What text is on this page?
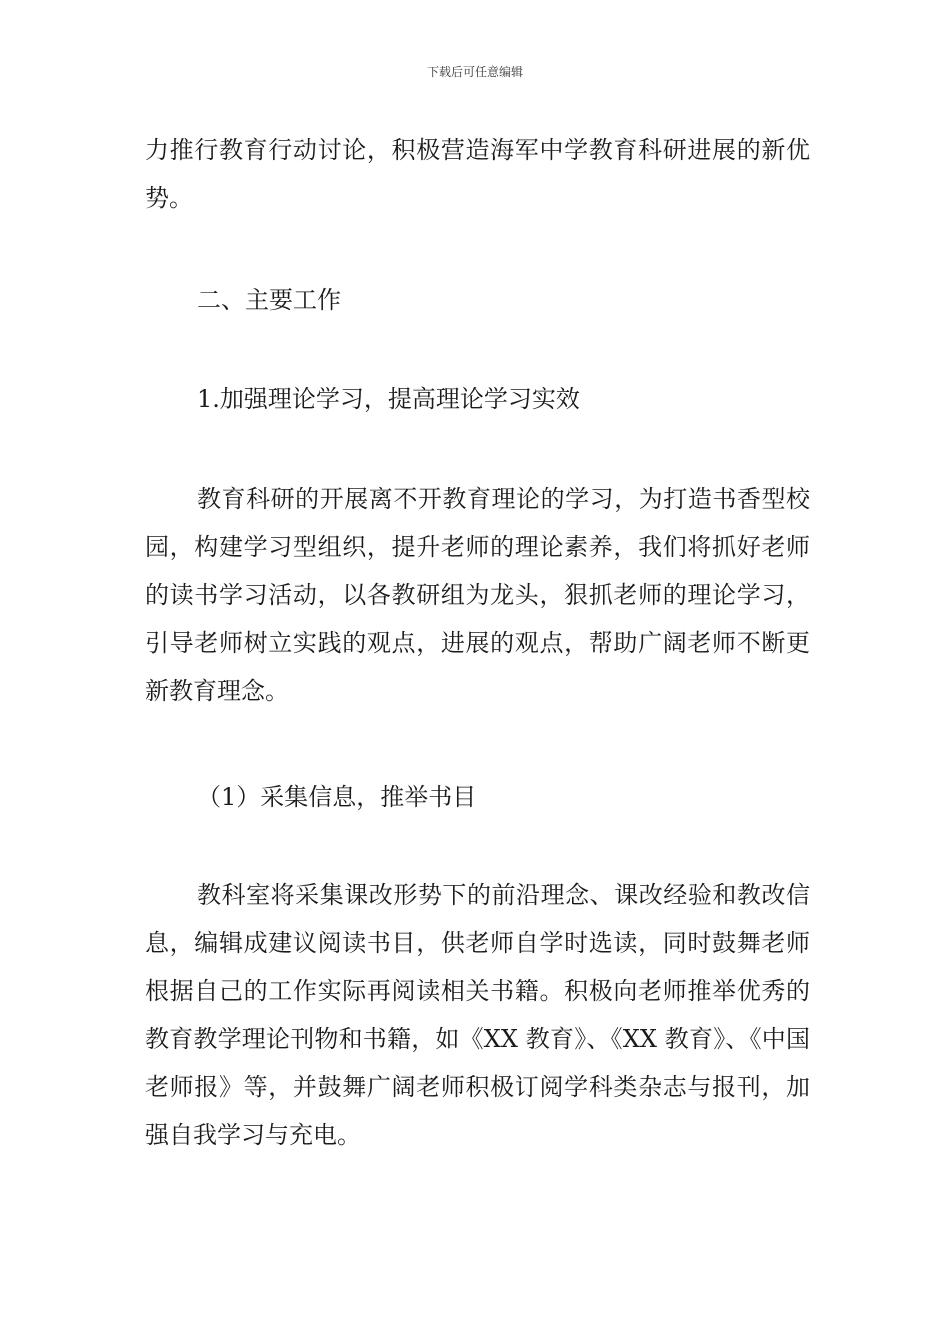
下载后可任意编辑
力推行教育行动讨论，积极营造海军中学教育科研进展的新优势。
二、主要工作
1.加强理论学习，提高理论学习实效
教育科研的开展离不开教育理论的学习，为打造书香型校园，构建学习型组织，提升老师的理论素养，我们将抓好老师的读书学习活动，以各教研组为龙头，狠抓老师的理论学习，引导老师树立实践的观点，进展的观点，帮助广阔老师不断更新教育理念。
（1）采集信息，推举书目
教科室将采集课改形势下的前沿理念、课改经验和教改信息，编辑成建议阅读书目，供老师自学时选读，同时鼓舞老师根据自己的工作实际再阅读相关书籍。积极向老师推举优秀的教育教学理论刊物和书籍，如《XX 教育》、《XX 教育》、《中国老师报》等，并鼓舞广阔老师积极订阅学科类杂志与报刊，加强自我学习与充电。
